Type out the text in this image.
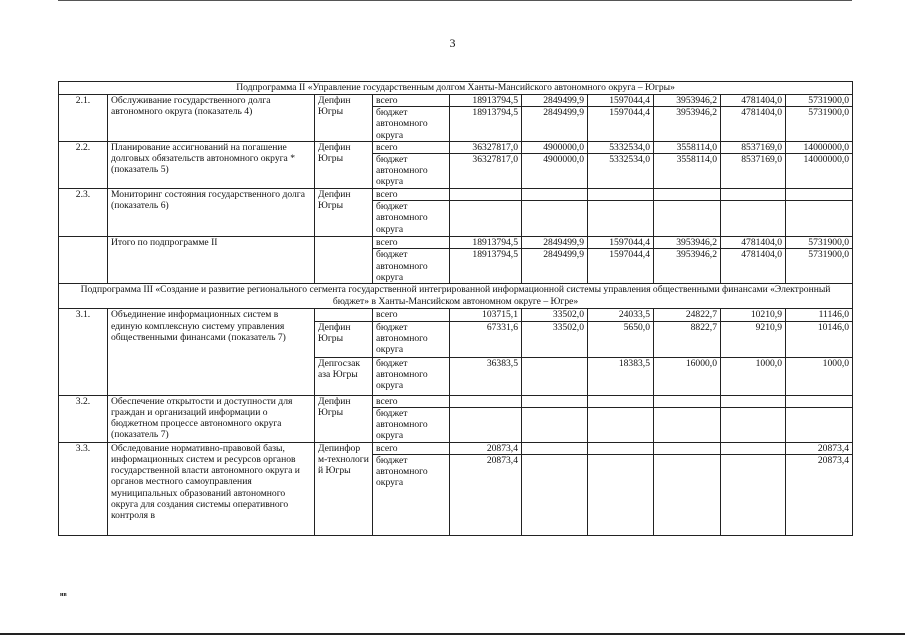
3
Подпрограмма II «Управление государственным долгом Ханты-Мансийского автономного округа – Югры»									
2.1.	Обслуживание государственного долга автономного округа (показатель 4)	Депфин Югры	всего	18913794,5	2849499,9	1597044,4	3953946,2	4781404,0	5731900,0
			бюджет автономного округа	18913794,5	2849499,9	1597044,4	3953946,2	4781404,0	5731900,0
2.2.	Планирование ассигнований на погашение долговых обязательств автономного округа * (показатель 5)	Депфин Югры	всего	36327817,0	4900000,0	5332534,0	3558114,0	8537169,0	14000000,0
			бюджет автономного округа	36327817,0	4900000,0	5332534,0	3558114,0	8537169,0	14000000,0
2.3.	Мониторинг состояния государственного долга (показатель 6)	Депфин Югры	всего						
			бюджет автономного округа						
	Итого по подпрограмме II		всего	18913794,5	2849499,9	1597044,4	3953946,2	4781404,0	5731900,0
			бюджет автономного округа	18913794,5	2849499,9	1597044,4	3953946,2	4781404,0	5731900,0
Подпрограмма III «Создание и развитие регионального сегмента государственной интегрированной информационной системы управления общественными финансами «Электронный бюджет» в Ханты-Мансийском автономном округе – Югре»									
3.1.	Объединение информационных систем в единую комплексную систему управления общественными финансами (показатель 7)		всего	103715,1	33502,0	24033,5	24822,7	10210,9	11146,0
		Депфин Югры	бюджет автономного округа	67331,6	33502,0	5650,0	8822,7	9210,9	10146,0
		Депгосзак аза Югры	бюджет автономного округа	36383,5		18383,5	16000,0	1000,0	1000,0
3.2.	Обеспечение открытости и доступности для граждан и организаций информации о бюджетном процессе автономного округа (показатель 7)	Депфин Югры	всего						
			бюджет автономного округа						
3.3.	Обследование нормативно-правовой базы, информационных систем и ресурсов органов государственной власти автономного округа и органов местного самоуправления муниципальных образований автономного округа для создания системы оперативного контроля в	Депинфор м-технологи й Югры	всего	20873,4					20873,4
			бюджет автономного округа	20873,4					20873,4
нв
